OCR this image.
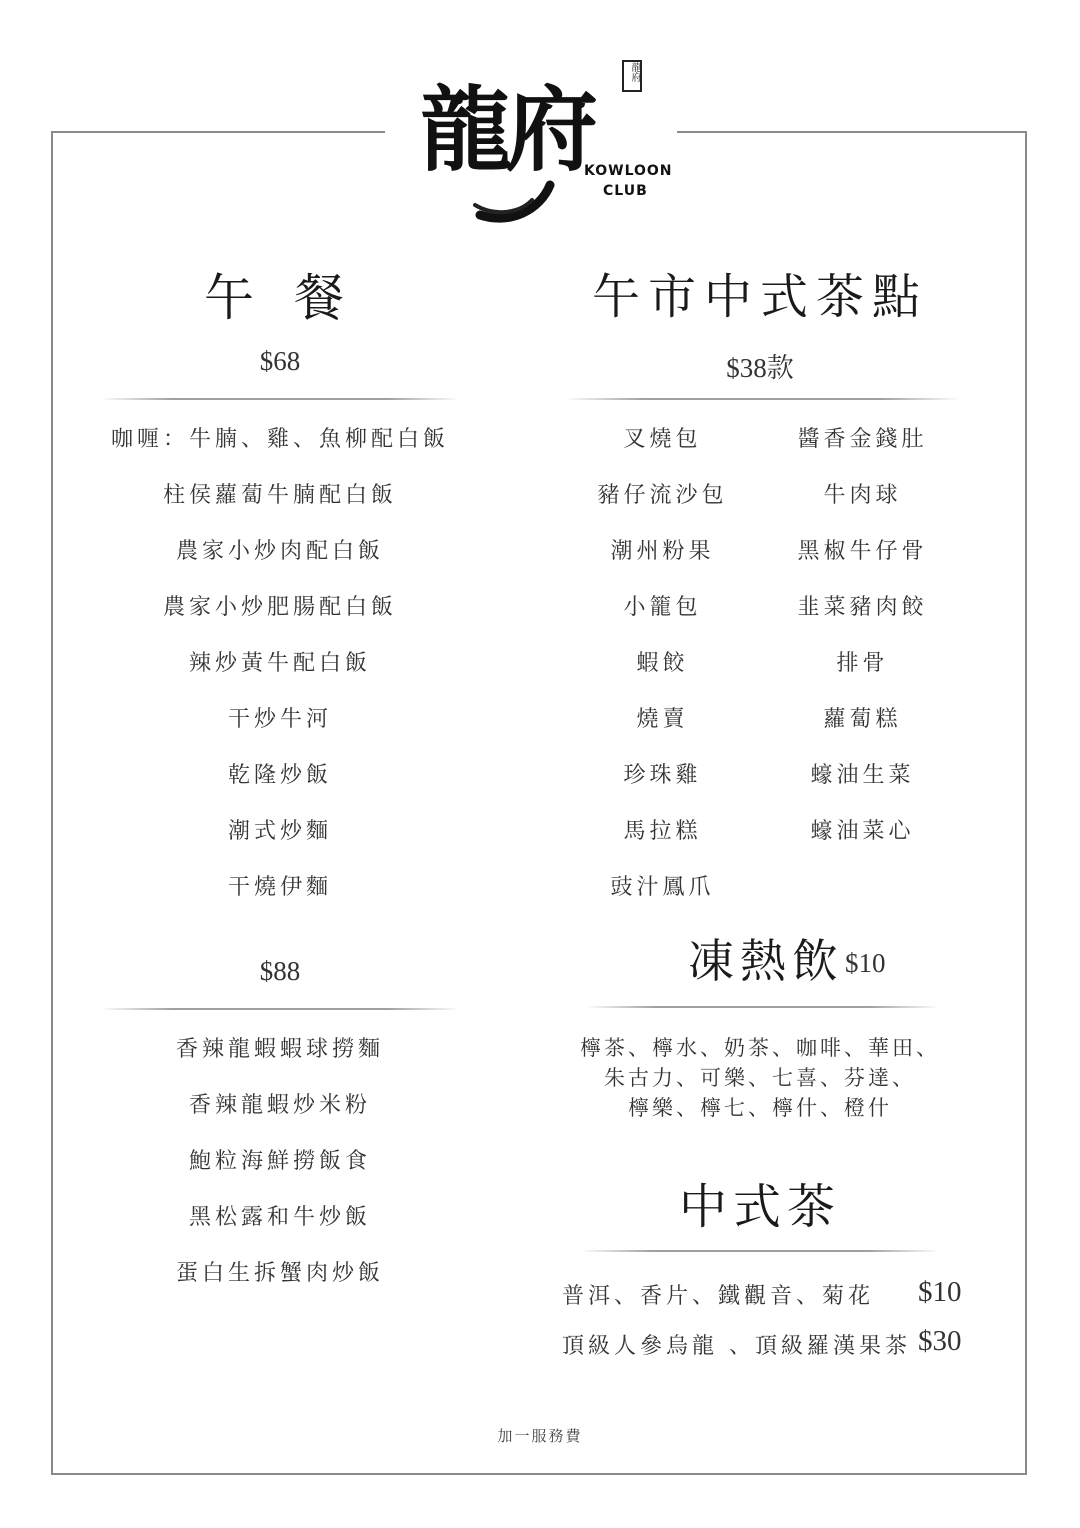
龍府
龍府
KOWLOON
CLUB
午 餐
$68
咖喱：牛腩、雞、魚柳配白飯
柱侯蘿蔔牛腩配白飯
農家小炒肉配白飯
農家小炒肥腸配白飯
辣炒黃牛配白飯
干炒牛河
乾隆炒飯
潮式炒麵
干燒伊麵
$88
香辣龍蝦蝦球撈麵
香辣龍蝦炒米粉
鮑粒海鮮撈飯食
黑松露和牛炒飯
蛋白生拆蟹肉炒飯
午市中式茶點
$38款
叉燒包
豬仔流沙包
潮州粉果
小籠包
蝦餃
燒賣
珍珠雞
馬拉糕
豉汁鳳爪
醬香金錢肚
牛肉球
黑椒牛仔骨
韭菜豬肉餃
排骨
蘿蔔糕
蠔油生菜
蠔油菜心
凍熱飲 $10
檸茶、檸水、奶茶、咖啡、華田、
朱古力、可樂、七喜、芬達、
檸樂、檸七、檸什、橙什
中式茶
普洱、香片、鐵觀音、菊花 $10
頂級人參烏龍 、頂級羅漢果茶 $30
加一服務費
